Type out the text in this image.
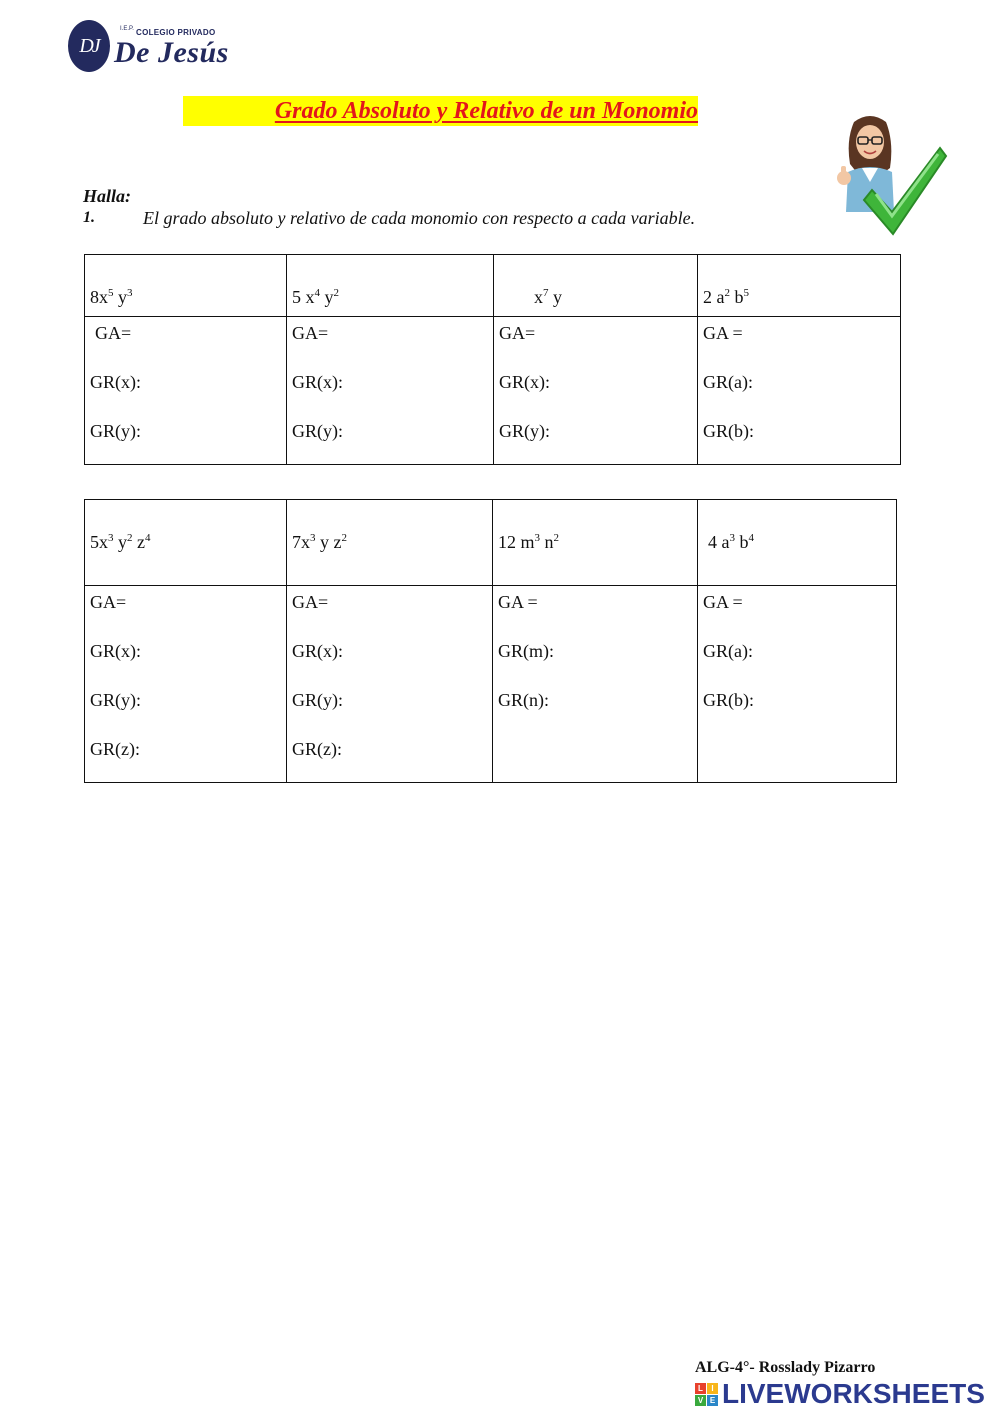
DJ
I.E.P. COLEGIO PRIVADO
De Jesús
Grado Absoluto y Relativo de un Monomio
Halla:
1.	El grado absoluto y relativo de cada monomio con respecto a cada variable.
$8x^5$ $y^3$	5 $x^4$ $y^2$	$x^7$ y	2 $a^2$ $b^5$

GA=
GR(x):
GR(y):	GA=
GR(x):
GR(y):	GA=
GR(x):
GR(y):	GA =
GR(a):
GR(b):
$5x^3$ $y^2$ $z^4$	$7x^3$ y $z^2$	12 $m^3$ $n^2$	4 $a^3$ $b^4$

GA=
GR(x):
GR(y):
GR(z):	GA=
GR(x):
GR(y):
GR(z):	GA =
GR(m):
GR(n):	GA =
GR(a):
GR(b):
ALG-4°- Rosslady Pizarro
L	I
V E LIVEWORKSHEETS
